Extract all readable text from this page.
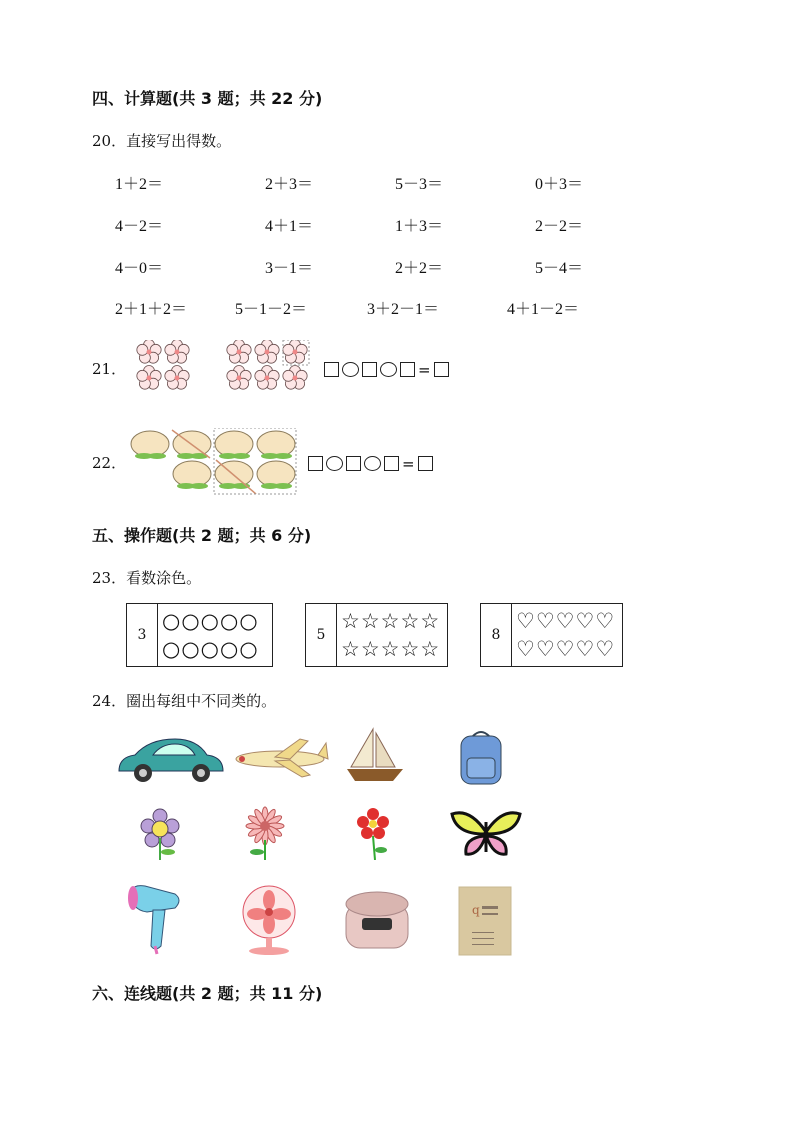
四、计算题(共 3 题；共 22 分)
20．直接写出得数。
1＋2＝	2＋3＝	5－3＝	0＋3＝
4－2＝	4＋1＝	1＋3＝	2－2＝
4－0＝	3－1＝	2＋2＝	5－4＝
2＋1＋2＝	5－1－2＝	3＋2－1＝	4＋1－2＝
21．	=
22．	=
五、操作题(共 2 题；共 6 分)
23．看数涂色。
3
○ ○ ○ ○ ○
○ ○ ○ ○ ○
5
☆ ☆ ☆ ☆ ☆
☆ ☆ ☆ ☆ ☆
8
♡ ♡ ♡ ♡ ♡
♡ ♡ ♡ ♡ ♡
24．圈出每组中不同类的。
q
六、连线题(共 2 题；共 11 分)
